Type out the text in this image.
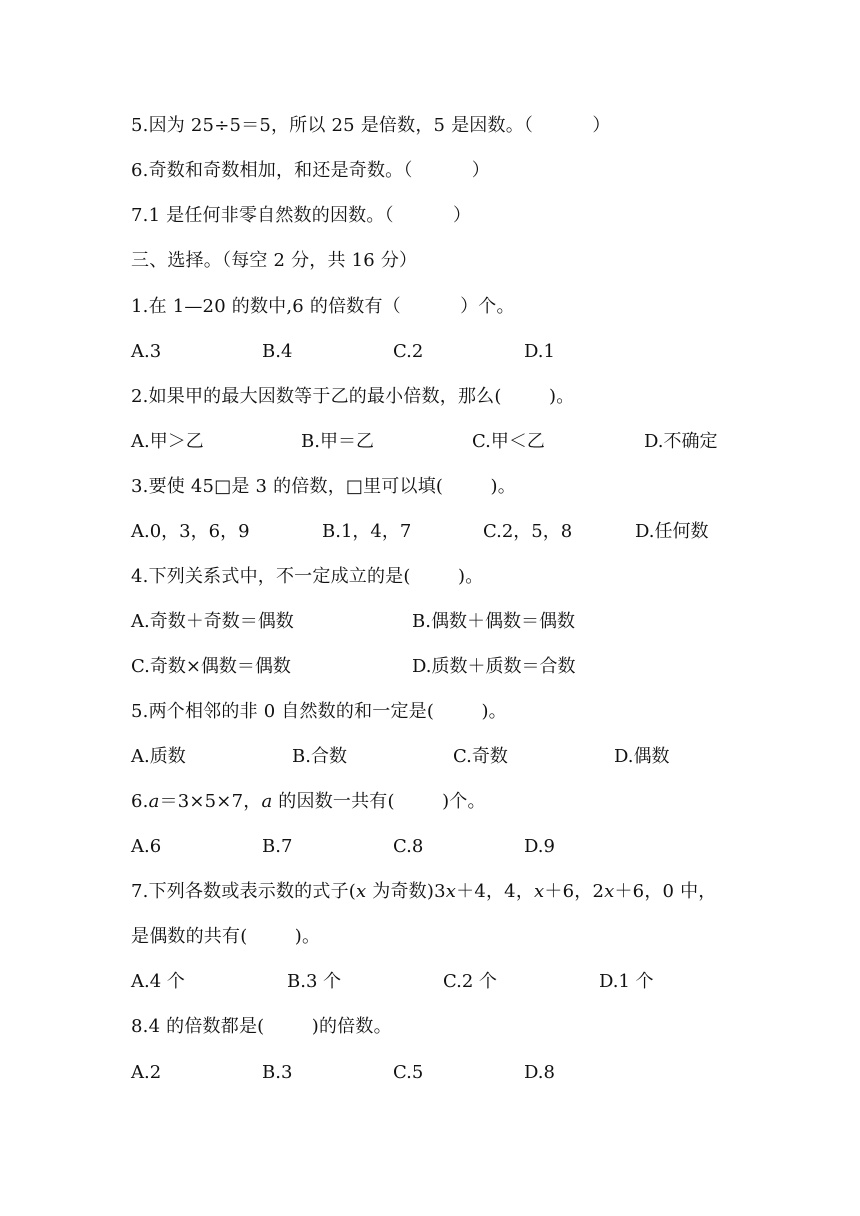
5.因为 25÷5＝5，所以 25 是倍数，5 是因数。（          ）
6.奇数和奇数相加，和还是奇数。（          ）
7.1 是任何非零自然数的因数。（          ）
三、选择。（每空 2 分，共 16 分）
1.在 1—20 的数中,6 的倍数有（          ）个。
A.3	B.4	C.2	D.1
2.如果甲的最大因数等于乙的最小倍数，那么(        )。
A.甲＞乙	B.甲＝乙	C.甲＜乙	D.不确定
3.要使 45□是 3 的倍数，□里可以填(        )。
A.0，3，6，9	B.1，4，7	C.2，5，8	D.任何数
4.下列关系式中，不一定成立的是(        )。
A.奇数＋奇数＝偶数	B.偶数＋偶数＝偶数
C.奇数×偶数＝偶数	D.质数＋质数＝合数
5.两个相邻的非 0 自然数的和一定是(        )。
A.质数	B.合数	C.奇数	D.偶数
6.a＝3×5×7，a 的因数一共有(        )个。
A.6	B.7	C.8	D.9
7.下列各数或表示数的式子(x 为奇数)3x＋4，4，x＋6，2x＋6，0 中，
是偶数的共有(        )。
A.4 个	B.3 个	C.2 个	D.1 个
8.4 的倍数都是(        )的倍数。
A.2	B.3	C.5	D.8
